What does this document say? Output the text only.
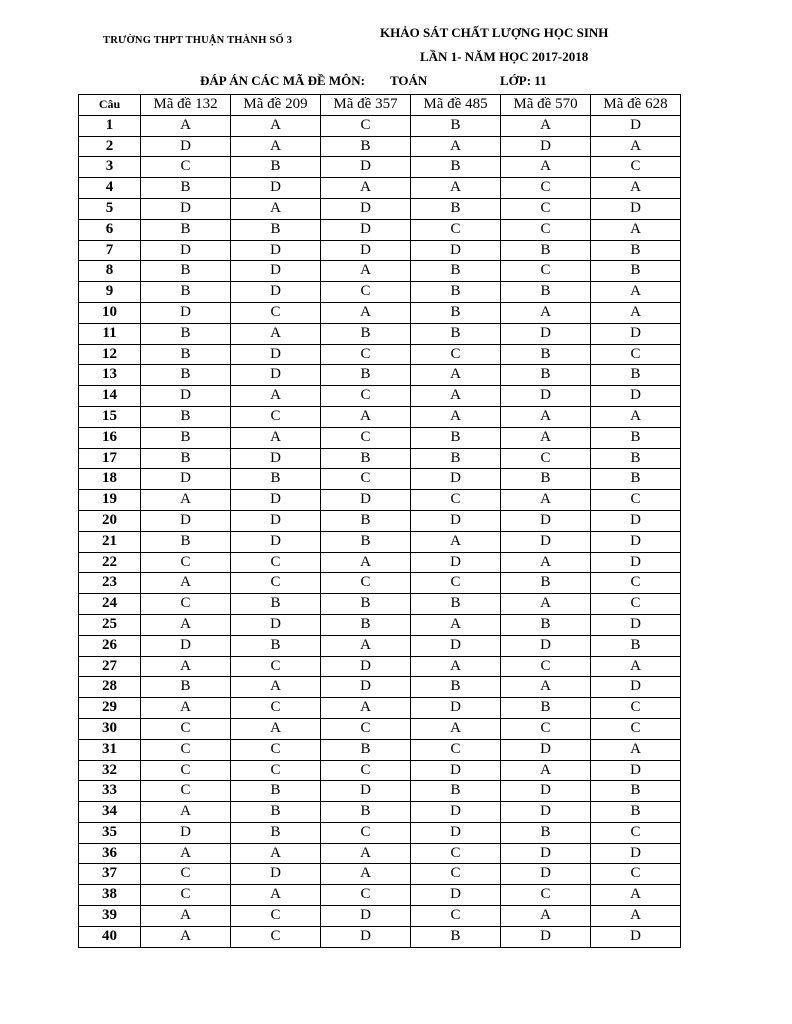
TRƯỜNG THPT THUẬN THÀNH SỐ 3
KHẢO SÁT CHẤT LƯỢNG HỌC SINH
LẦN 1- NĂM HỌC 2017-2018
ĐÁP ÁN CÁC MÃ ĐỀ MÔN: TOÁN	LỚP: 11
Câu	Mã đề 132	Mã đề 209	Mã đề 357	Mã đề 485	Mã đề 570	Mã đề 628
1	A	A	C	B	A	D
2	D	A	B	A	D	A
3	C	B	D	B	A	C
4	B	D	A	A	C	A
5	D	A	D	B	C	D
6	B	B	D	C	C	A
7	D	D	D	D	B	B
8	B	D	A	B	C	B
9	B	D	C	B	B	A
10	D	C	A	B	A	A
11	B	A	B	B	D	D
12	B	D	C	C	B	C
13	B	D	B	A	B	B
14	D	A	C	A	D	D
15	B	C	A	A	A	A
16	B	A	C	B	A	B
17	B	D	B	B	C	B
18	D	B	C	D	B	B
19	A	D	D	C	A	C
20	D	D	B	D	D	D
21	B	D	B	A	D	D
22	C	C	A	D	A	D
23	A	C	C	C	B	C
24	C	B	B	B	A	C
25	A	D	B	A	B	D
26	D	B	A	D	D	B
27	A	C	D	A	C	A
28	B	A	D	B	A	D
29	A	C	A	D	B	C
30	C	A	C	A	C	C
31	C	C	B	C	D	A
32	C	C	C	D	A	D
33	C	B	D	B	D	B
34	A	B	B	D	D	B
35	D	B	C	D	B	C
36	A	A	A	C	D	D
37	C	D	A	C	D	C
38	C	A	C	D	C	A
39	A	C	D	C	A	A
40	A	C	D	B	D	D
